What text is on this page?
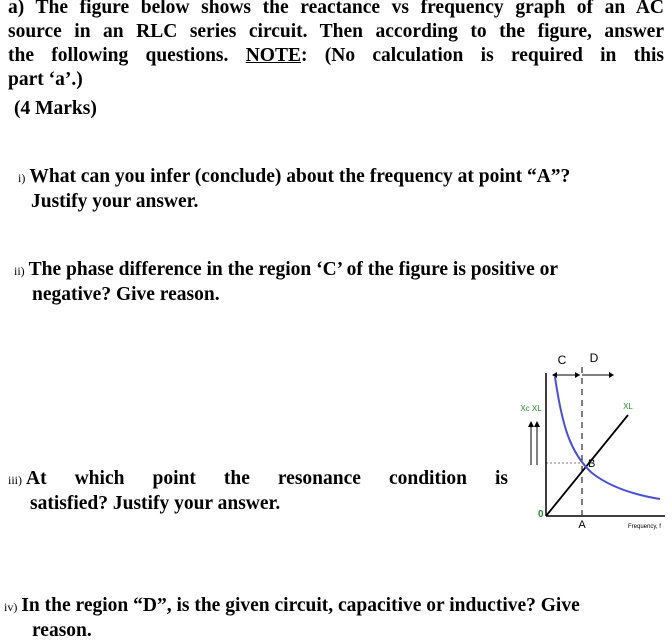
a) The figure below shows the reactance vs frequency graph of an AC
source in an RLC series circuit. Then according to the figure, answer
the following questions. NOTE: (No calculation is required in this
part ‘a’.)
(4 Marks)
i) What can you infer (conclude) about the frequency at point “A”?
Justify your answer.
ii) The phase difference in the region ‘C’ of the figure is positive or
negative? Give reason.
iii) At which point the resonance condition is
satisfied? Justify your answer.
iv) In the region “D”, is the given circuit, capacitive or inductive? Give
reason.
C D
Xc XL	XL
B
A
0
Frequency, f
